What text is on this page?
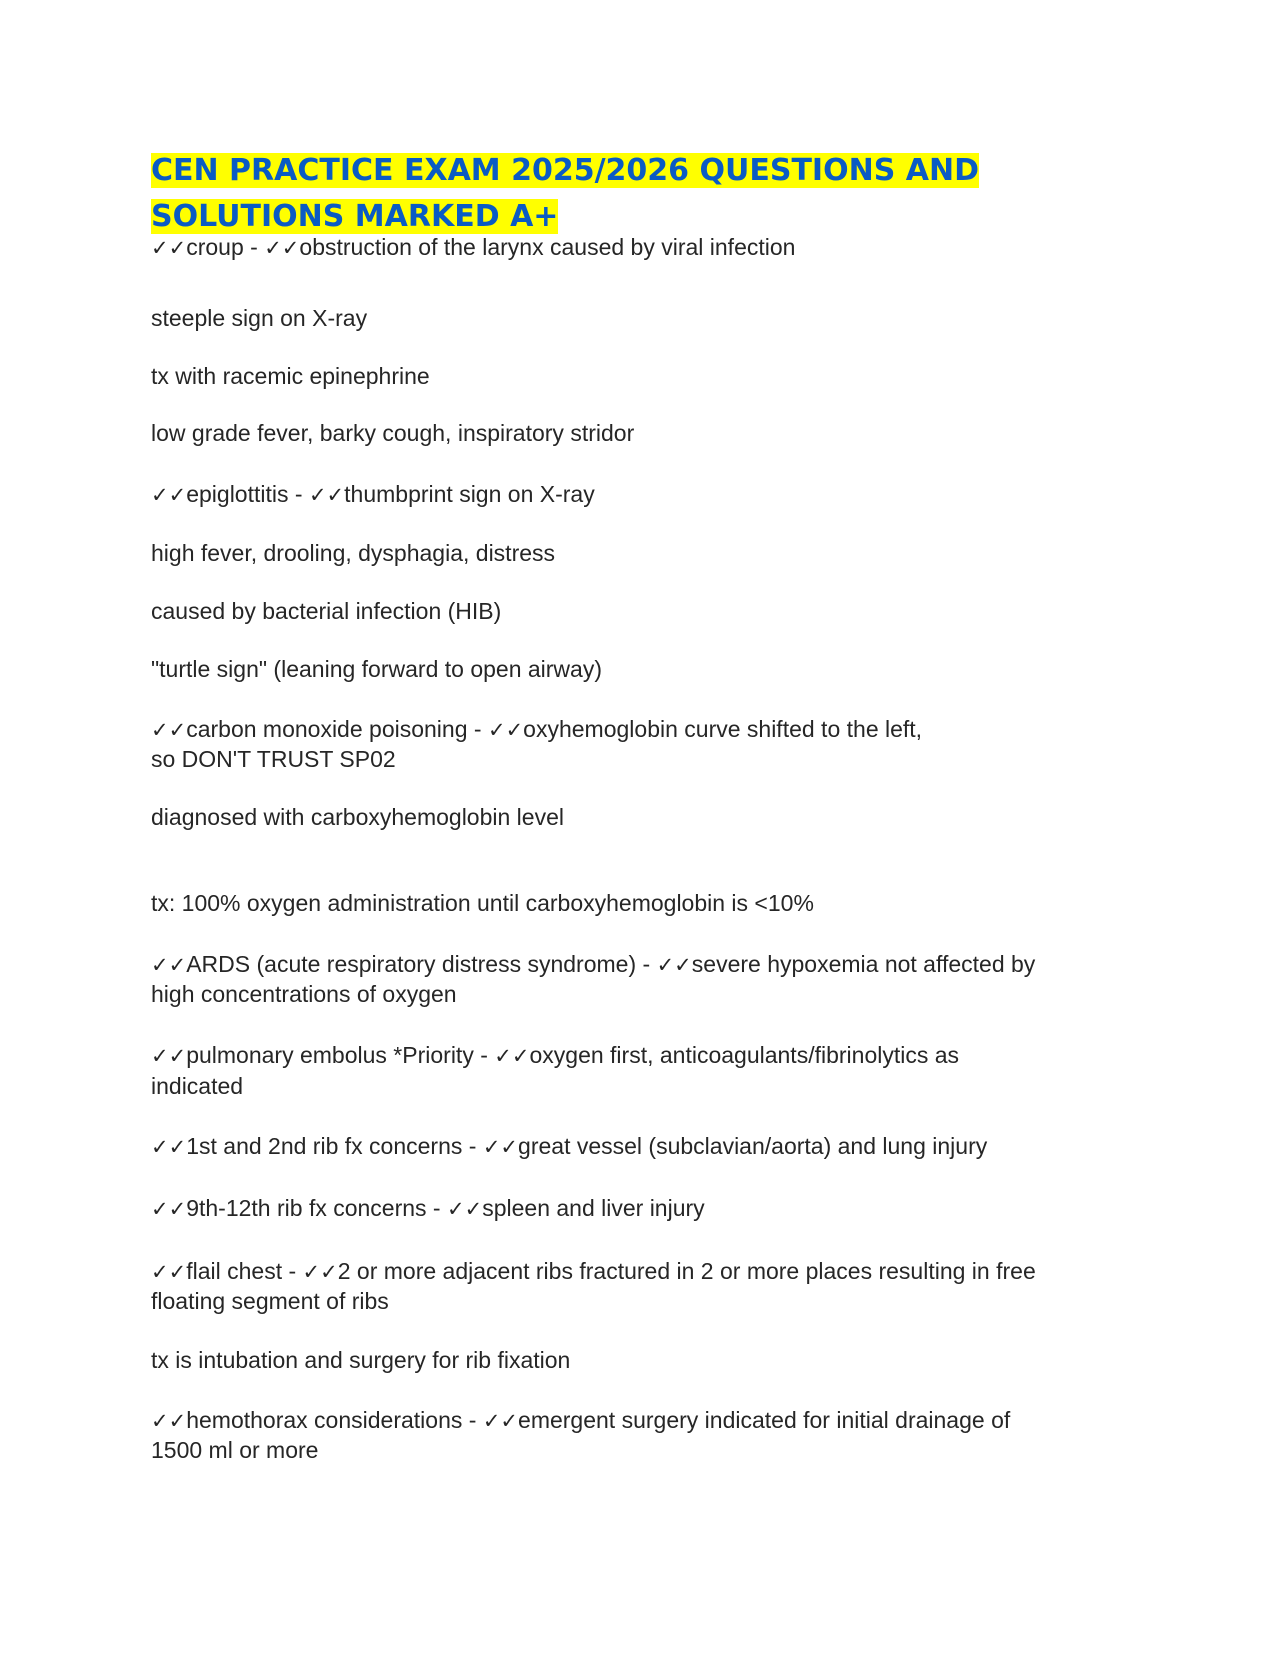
CEN PRACTICE EXAM 2025/2026 QUESTIONS AND
SOLUTIONS MARKED A+

✓✓croup - ✓✓obstruction of the larynx caused by viral infection

steeple sign on X-ray

tx with racemic epinephrine

low grade fever, barky cough, inspiratory stridor

✓✓epiglottitis - ✓✓thumbprint sign on X-ray

high fever, drooling, dysphagia, distress

caused by bacterial infection (HIB)

"turtle sign" (leaning forward to open airway)

✓✓carbon monoxide poisoning - ✓✓oxyhemoglobin curve shifted to the left,

so DON'T TRUST SP02

diagnosed with carboxyhemoglobin level

tx: 100% oxygen administration until carboxyhemoglobin is <10%

✓✓ARDS (acute respiratory distress syndrome) - ✓✓severe hypoxemia not affected by

high concentrations of oxygen

✓✓pulmonary embolus *Priority - ✓✓oxygen first, anticoagulants/fibrinolytics as

indicated

✓✓1st and 2nd rib fx concerns - ✓✓great vessel (subclavian/aorta) and lung injury

✓✓9th-12th rib fx concerns - ✓✓spleen and liver injury

✓✓flail chest - ✓✓2 or more adjacent ribs fractured in 2 or more places resulting in free

floating segment of ribs

tx is intubation and surgery for rib fixation

✓✓hemothorax considerations - ✓✓emergent surgery indicated for initial drainage of

1500 ml or more
